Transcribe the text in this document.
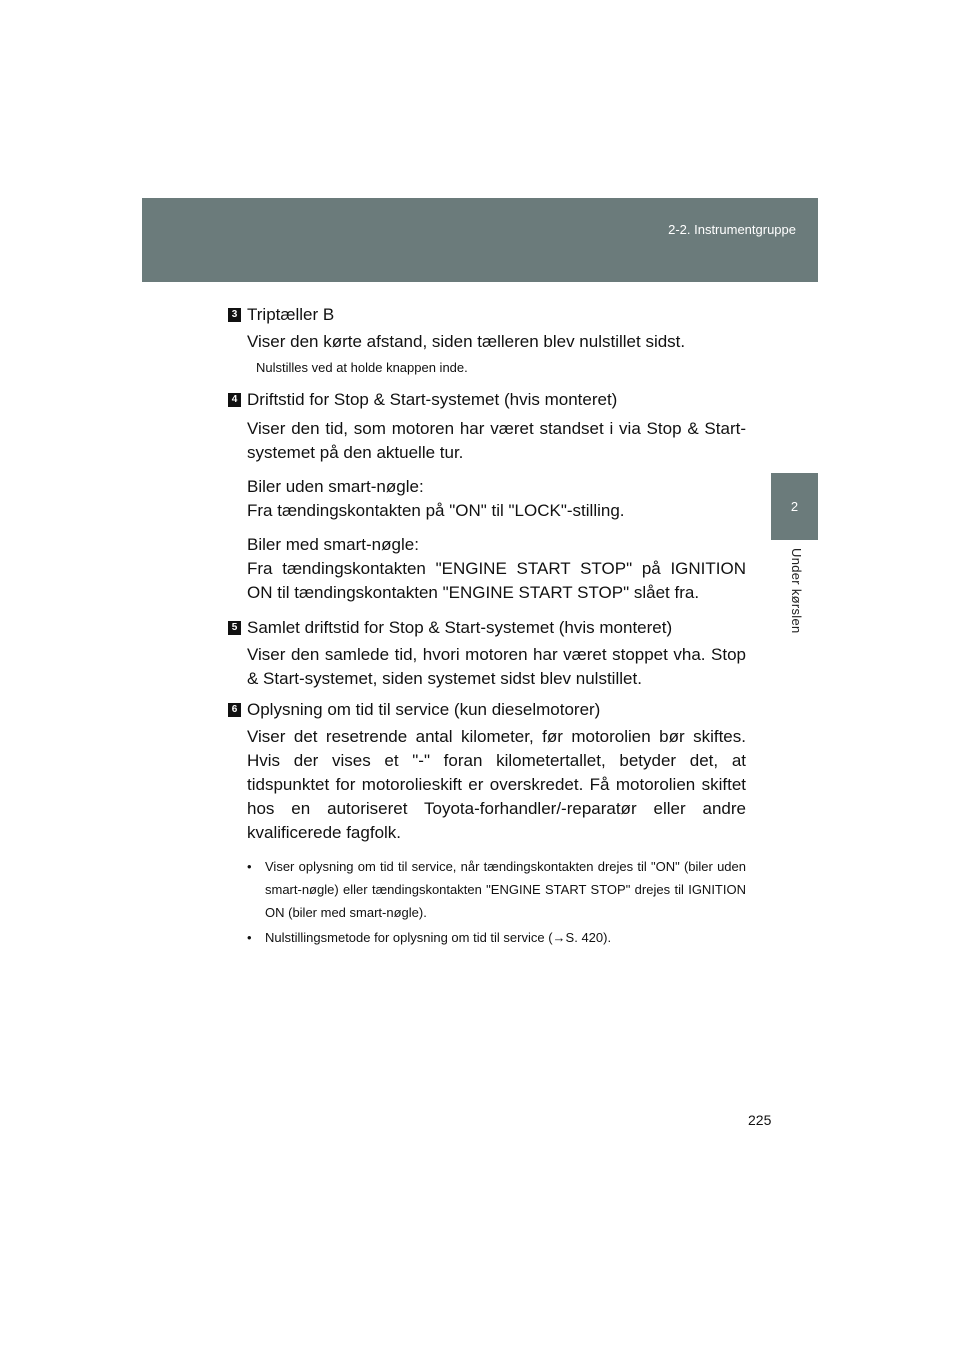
2-2. Instrumentgruppe
2
Under kørslen
3 Triptæller B
Viser den kørte afstand, siden tælleren blev nulstillet sidst.
Nulstilles ved at holde knappen inde.
4 Driftstid for Stop & Start-systemet (hvis monteret)
Viser den tid, som motoren har været standset i via Stop & Start-systemet på den aktuelle tur.
Biler uden smart-nøgle:
Fra tændingskontakten på "ON" til "LOCK"-stilling.
Biler med smart-nøgle:
Fra tændingskontakten "ENGINE START STOP" på IGNITION ON til tændingskontakten "ENGINE START STOP" slået fra.
5 Samlet driftstid for Stop & Start-systemet (hvis monteret)
Viser den samlede tid, hvori motoren har været stoppet vha. Stop & Start-systemet, siden systemet sidst blev nulstillet.
6 Oplysning om tid til service (kun dieselmotorer)
Viser det resetrende antal kilometer, før motorolien bør skiftes. Hvis der vises et "-" foran kilometertallet, betyder det, at tidspunktet for motorolieskift er overskredet. Få motorolien skiftet hos en autoriseret Toyota-forhandler/-reparatør eller andre kvalificerede fagfolk.
• Viser oplysning om tid til service, når tændingskontakten drejes til "ON" (biler uden smart-nøgle) eller tændingskontakten "ENGINE START STOP" drejes til IGNITION ON (biler med smart-nøgle).
• Nulstillingsmetode for oplysning om tid til service (→S. 420).
225
